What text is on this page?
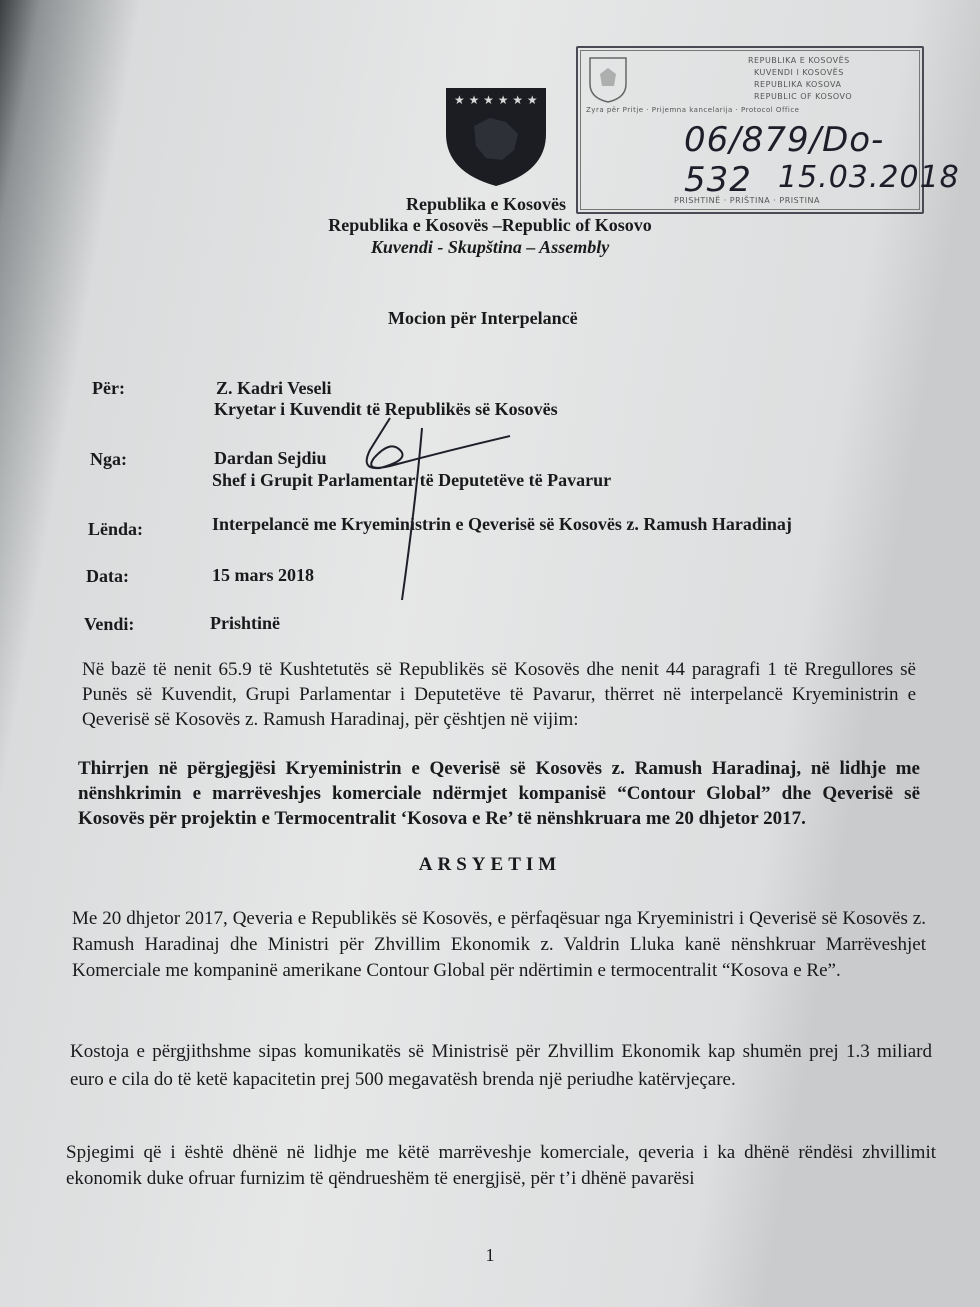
REPUBLIKA E KOSOVËS
KUVENDI I KOSOVËS
REPUBLIKA KOSOVA
REPUBLIC OF KOSOVO
Zyra për Pritje · Prijemna kancelarija · Protocol Office
PRISHTINË · PRIŠTINA · PRISTINA
06/879/Do-532 15.03.2018
★ ★ ★ ★ ★ ★
Republika e Kosovës
Republika e Kosovës –Republic of Kosovo
Kuvendi - Skupština – Assembly
Mocion për Interpelancë
Për:	Z. Kadri Veseli
Kryetar i Kuvendit të Republikës së Kosovës
Nga:	Dardan Sejdiu
Shef i Grupit Parlamentar të Deputetëve të Pavarur
Lënda:	Interpelancë me Kryeministrin e Qeverisë së Kosovës z. Ramush Haradinaj
Data:	15 mars 2018
Vendi:	Prishtinë
Në bazë të nenit 65.9 të Kushtetutës së Republikës së Kosovës dhe nenit 44 paragrafi 1 të Rregullores së Punës së Kuvendit, Grupi Parlamentar i Deputetëve të Pavarur, thërret në interpelancë Kryeministrin e Qeverisë së Kosovës z. Ramush Haradinaj, për çështjen në vijim:
Thirrjen në përgjegjësi Kryeministrin e Qeverisë së Kosovës z. Ramush Haradinaj, në lidhje me nënshkrimin e marrëveshjes komerciale ndërmjet kompanisë “Contour Global” dhe Qeverisë së Kosovës për projektin e Termocentralit ‘Kosova e Re’ të nënshkruara me 20 dhjetor 2017.
ARSYETIM
Me 20 dhjetor 2017, Qeveria e Republikës së Kosovës, e përfaqësuar nga Kryeministri i Qeverisë së Kosovës z. Ramush Haradinaj dhe Ministri për Zhvillim Ekonomik z. Valdrin Lluka kanë nënshkruar Marrëveshjet Komerciale me kompaninë amerikane Contour Global për ndërtimin e termocentralit “Kosova e Re”.
Kostoja e përgjithshme sipas komunikatës së Ministrisë për Zhvillim Ekonomik kap shumën prej 1.3 miliard euro e cila do të ketë kapacitetin prej 500 megavatësh brenda një periudhe katërvjeçare.
Spjegimi që i është dhënë në lidhje me këtë marrëveshje komerciale, qeveria i ka dhënë rëndësi zhvillimit ekonomik duke ofruar furnizim të qëndrueshëm të energjisë, për t’i dhënë pavarësi
1
